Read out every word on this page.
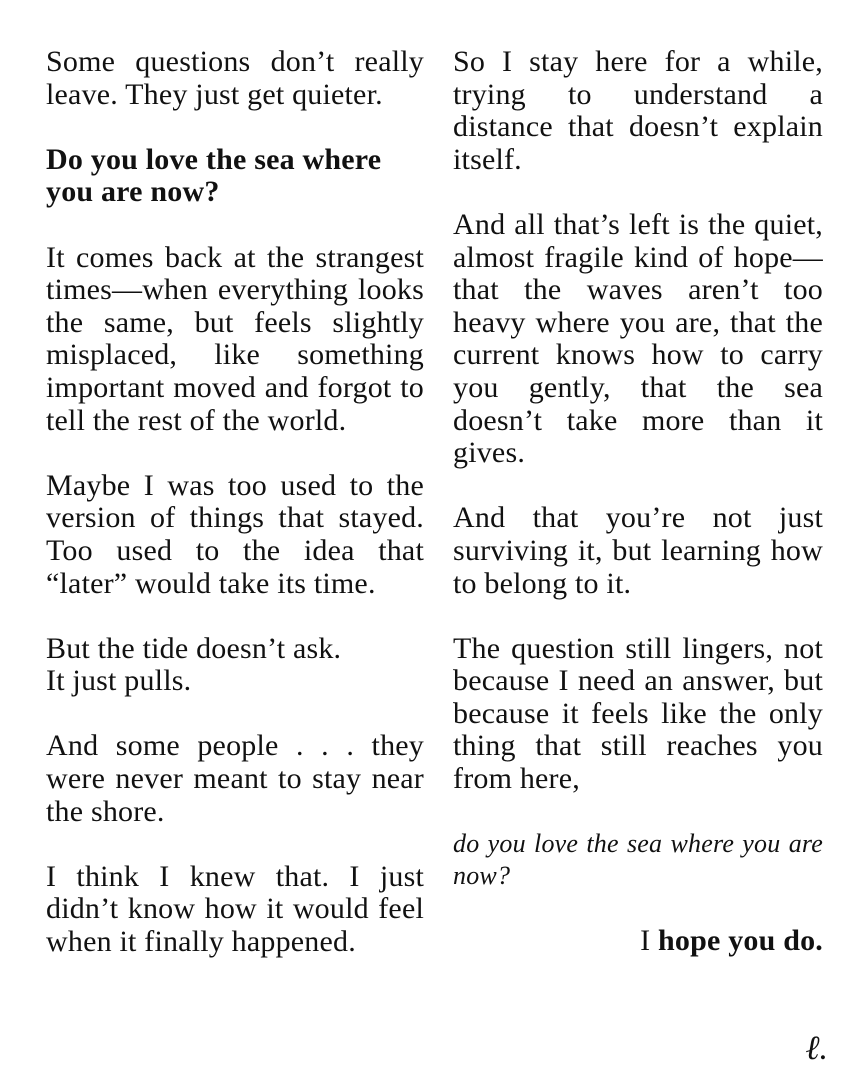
Some questions don’t really leave. They just get quieter.

Do you love the sea where you are now?

It comes back at the strangest times—when everything looks the same, but feels slightly misplaced, like something important moved and forgot to tell the rest of the world.

Maybe I was too used to the version of things that stayed. Too used to the idea that “later” would take its time.

But the tide doesn’t ask.
It just pulls.

And some people . . . they were never meant to stay near the shore.

I think I knew that. I just didn’t know how it would feel when it finally happened.

So I stay here for a while, trying to understand a distance that doesn’t explain itself.

And all that’s left is the quiet, almost fragile kind of hope—that the waves aren’t too heavy where you are, that the current knows how to carry you gently, that the sea doesn’t take more than it gives.

And that you’re not just surviving it, but learning how to belong to it.

The question still lingers, not because I need an answer, but because it feels like the only thing that still reaches you from here,

do you love the sea where you are now?

I hope you do.

ℓ.
